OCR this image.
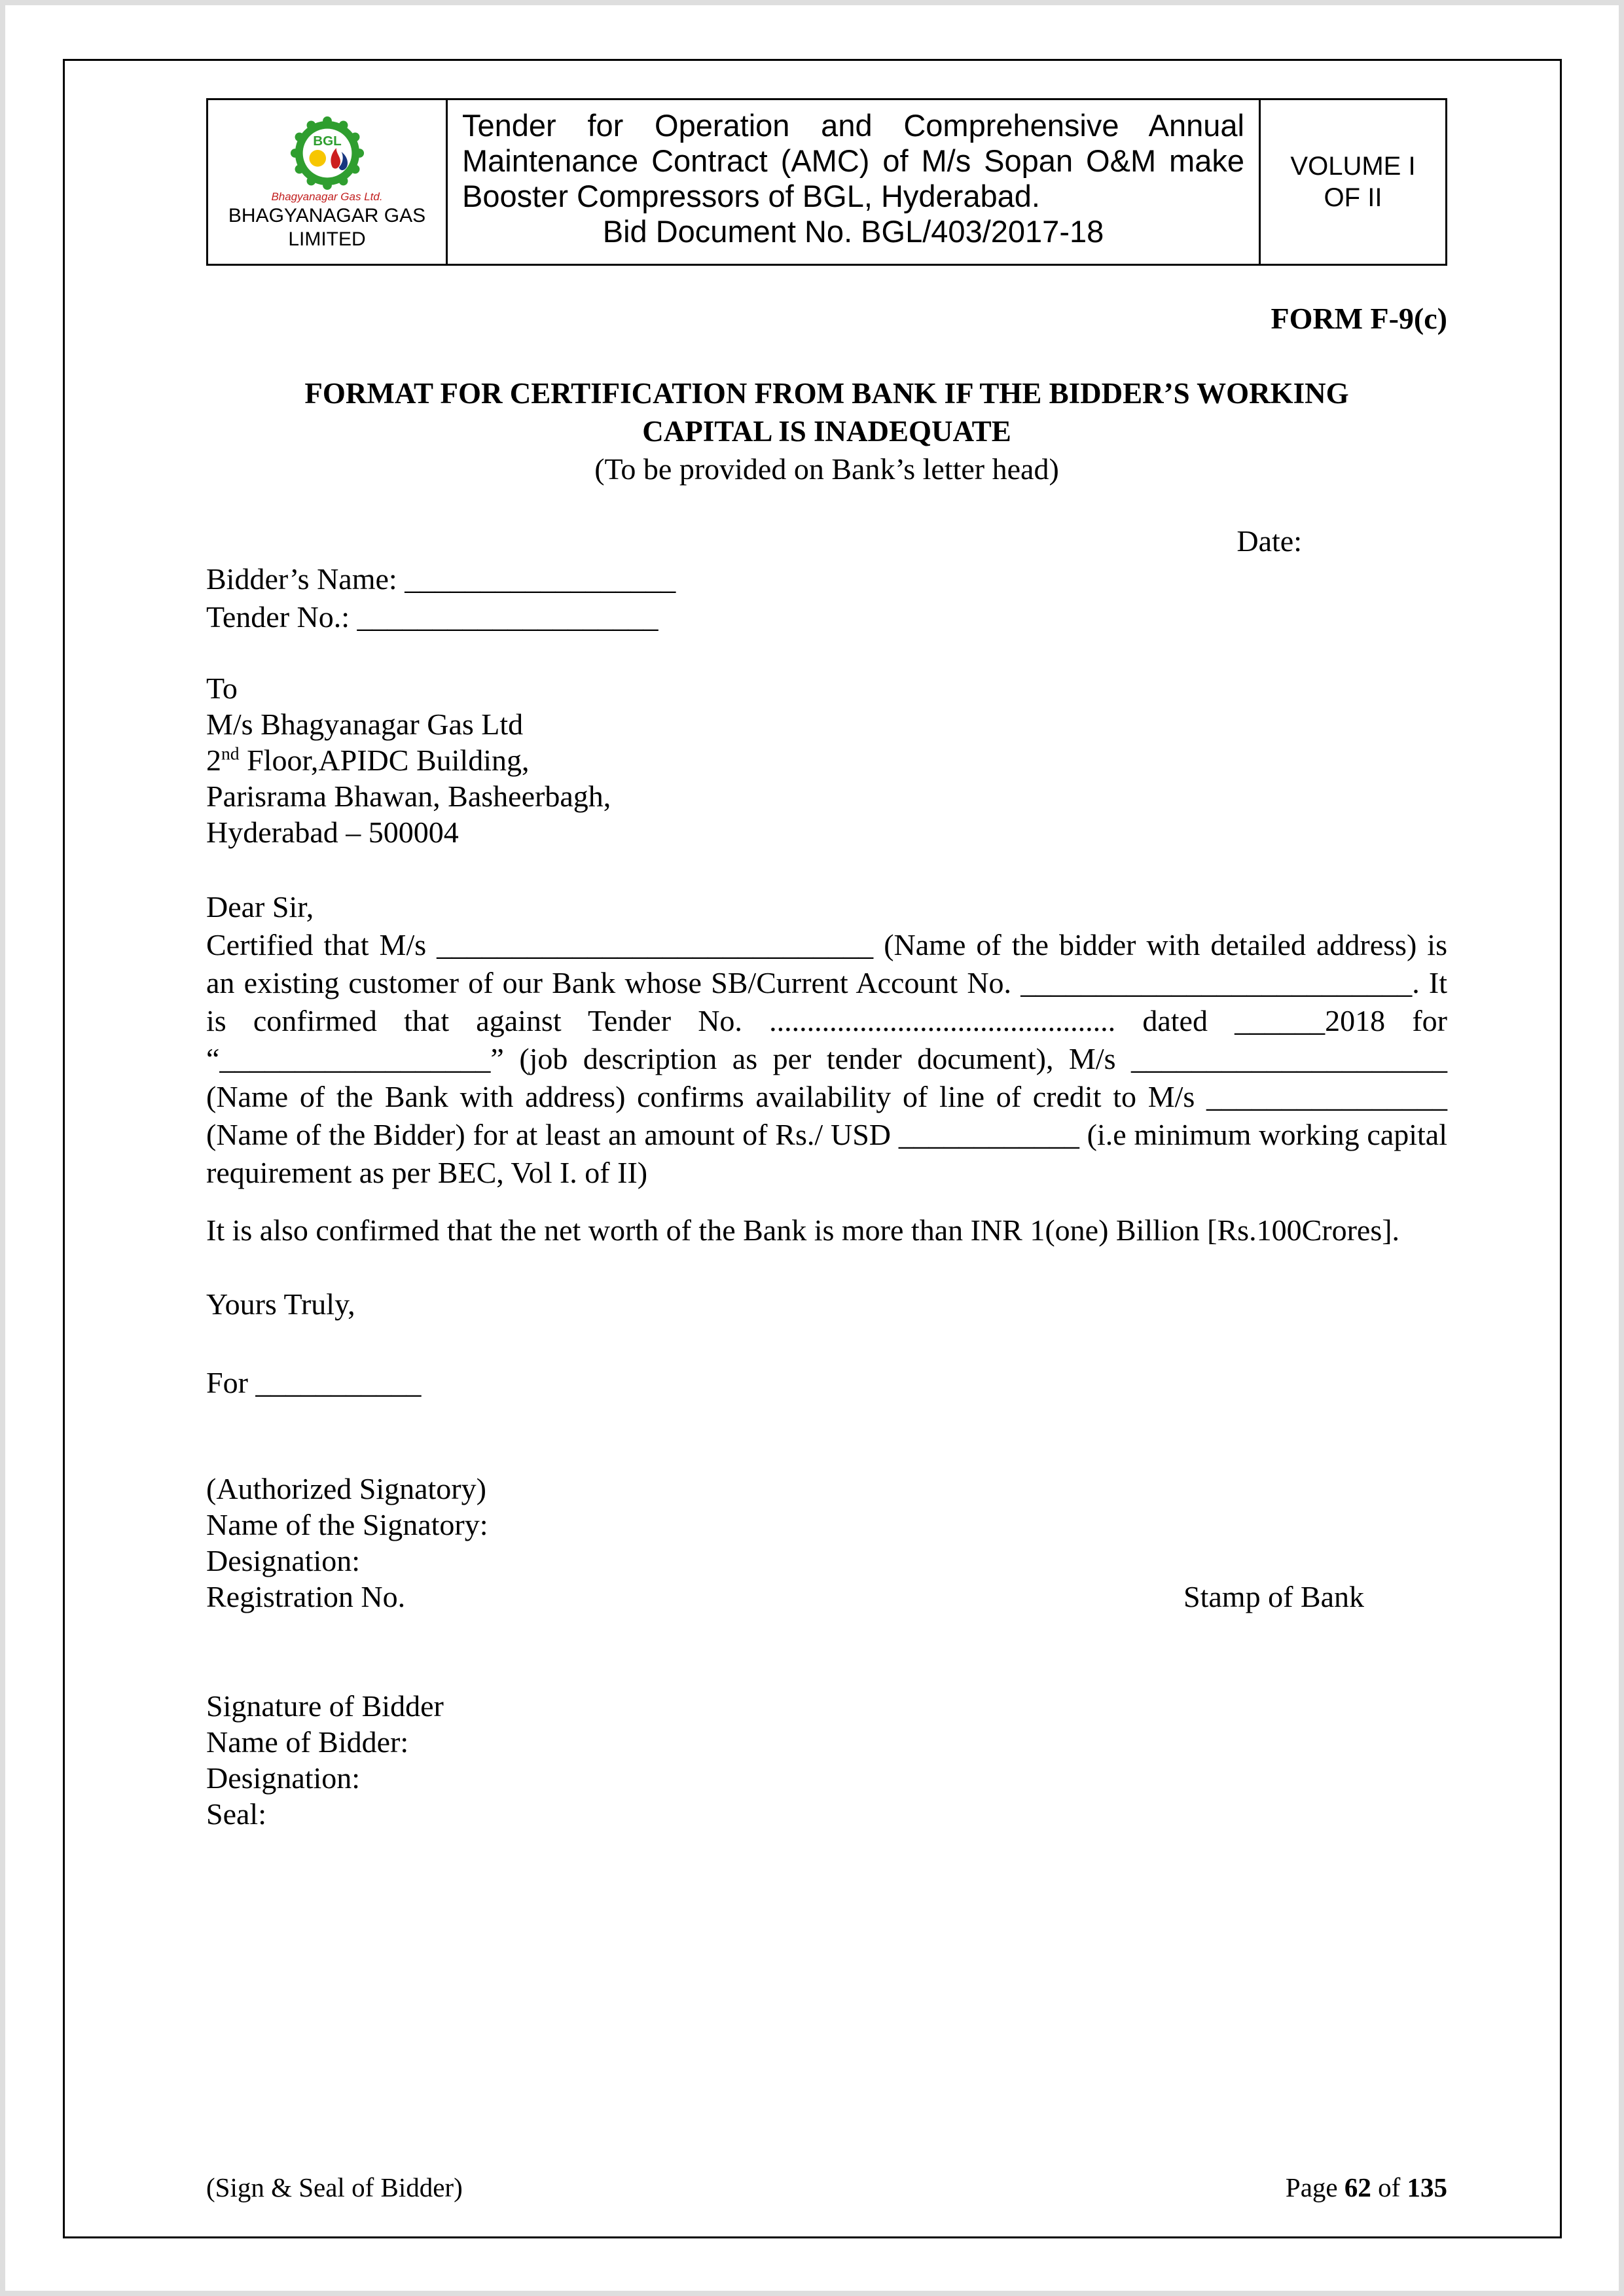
BGL
Bhagyanagar Gas Ltd.
BHAGYANAGAR GAS
LIMITED
Tender for Operation and Comprehensive Annual Maintenance Contract (AMC) of M/s Sopan O&M make Booster Compressors of BGL, Hyderabad.
Bid Document No. BGL/403/2017-18
VOLUME I
OF II
FORM F-9(c)
FORMAT FOR CERTIFICATION FROM BANK IF THE BIDDER’S WORKING
CAPITAL IS INADEQUATE
(To be provided on Bank’s letter head)
Date:
Bidder’s Name: __________________
Tender No.: ____________________
To
M/s Bhagyanagar Gas Ltd
2nd Floor,APIDC Building,
Parisrama Bhawan, Basheerbagh,
Hyderabad – 500004
Dear Sir,
Certified that M/s _____________________________ (Name of the bidder with detailed address) is an existing customer of our Bank whose SB/Current Account No. __________________________. It is confirmed that against Tender No. .............................................. dated ______2018 for “__________________” (job description as per tender document), M/s _____________________ (Name of the Bank with address) confirms availability of line of credit to M/s ________________ (Name of the Bidder) for at least an amount of Rs./ USD ____________ (i.e minimum working capital requirement as per BEC, Vol I. of II)
It is also confirmed that the net worth of the Bank is more than INR 1(one) Billion [Rs.100Crores].
Yours Truly,
For ___________
(Authorized Signatory)
Name of the Signatory:
Designation:
Registration No.	Stamp of Bank
Signature of Bidder
Name of Bidder:
Designation:
Seal:
(Sign & Seal of Bidder)	Page 62 of 135
